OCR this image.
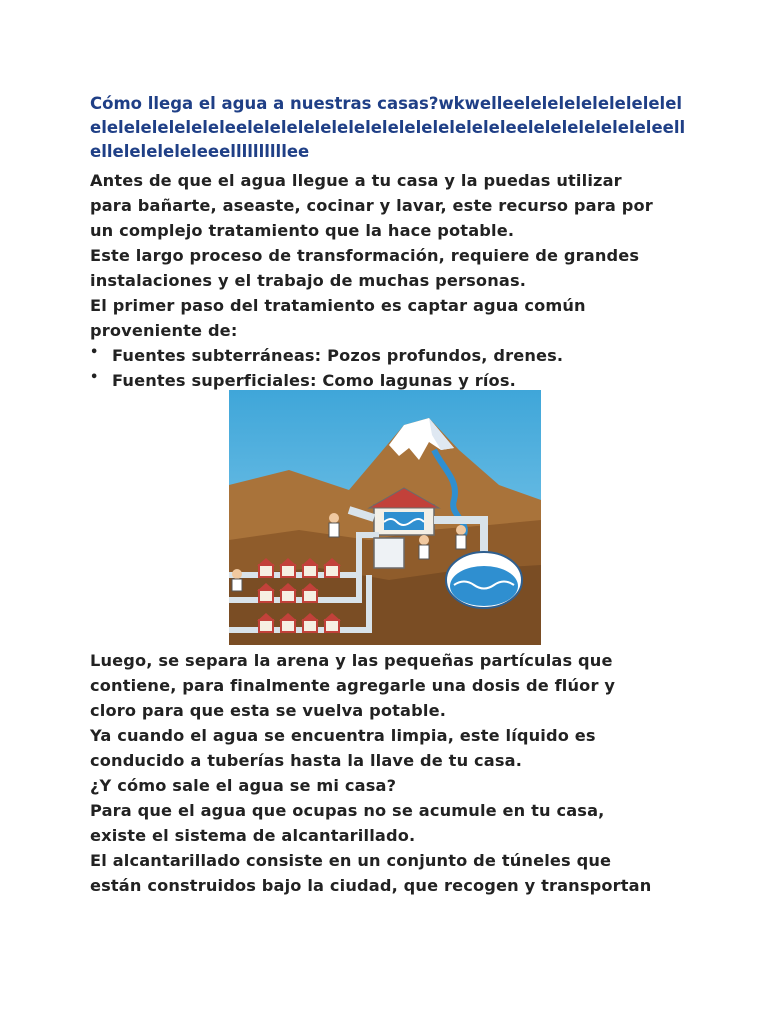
Cómo llega el agua a nuestras casas?wkwelleeleleleleleleleleleleleleleleleleleleeleleleleleleleleleleleleleleleleeleleleleleleleleellelleleleleleleeellllllllllee
Antes de que el agua llegue a tu casa y la puedas utilizar
para bañarte, aseaste, cocinar y lavar, este recurso para por
un complejo tratamiento que la hace potable.
Este largo proceso de transformación, requiere de grandes
instalaciones y el trabajo de muchas personas.
El primer paso del tratamiento es captar agua común
proveniente de:
• Fuentes subterráneas: Pozos profundos, drenes.
• Fuentes superficiales: Como lagunas y ríos.
Luego, se separa la arena y las pequeñas partículas que
contiene, para finalmente agregarle una dosis de flúor y
cloro para que esta se vuelva potable.
Ya cuando el agua se encuentra limpia, este líquido es
conducido a tuberías hasta la llave de tu casa.
¿Y cómo sale el agua se mi casa?
Para que el agua que ocupas no se acumule en tu casa,
existe el sistema de alcantarillado.
El alcantarillado consiste en un conjunto de túneles que
están construidos bajo la ciudad, que recogen y transportan
